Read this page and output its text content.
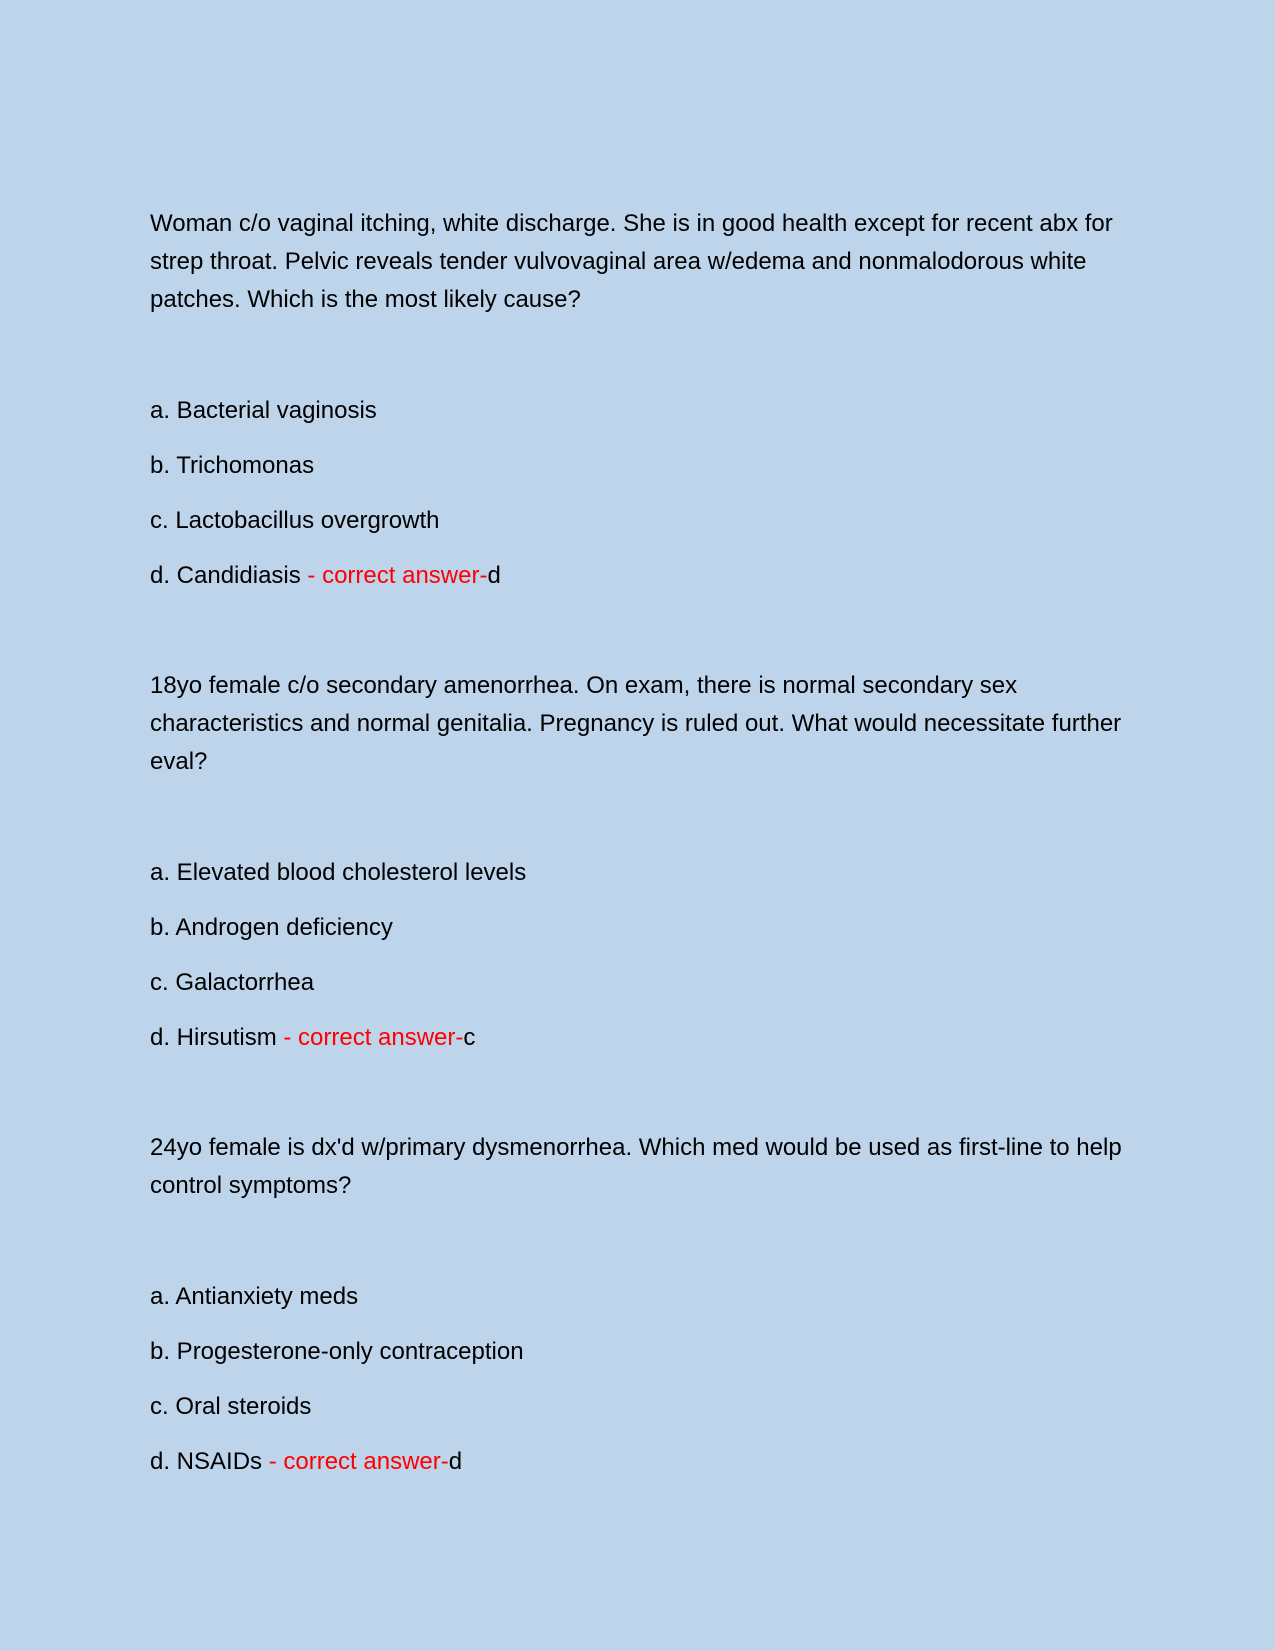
Woman c/o vaginal itching, white discharge. She is in good health except for recent abx for strep throat. Pelvic reveals tender vulvovaginal area w/edema and nonmalodorous white patches. Which is the most likely cause?
a. Bacterial vaginosis
b. Trichomonas
c. Lactobacillus overgrowth
d. Candidiasis - correct answer-d
18yo female c/o secondary amenorrhea. On exam, there is normal secondary sex characteristics and normal genitalia. Pregnancy is ruled out. What would necessitate further eval?
a. Elevated blood cholesterol levels
b. Androgen deficiency
c. Galactorrhea
d. Hirsutism - correct answer-c
24yo female is dx'd w/primary dysmenorrhea. Which med would be used as first-line to help control symptoms?
a. Antianxiety meds
b. Progesterone-only contraception
c. Oral steroids
d. NSAIDs - correct answer-d
